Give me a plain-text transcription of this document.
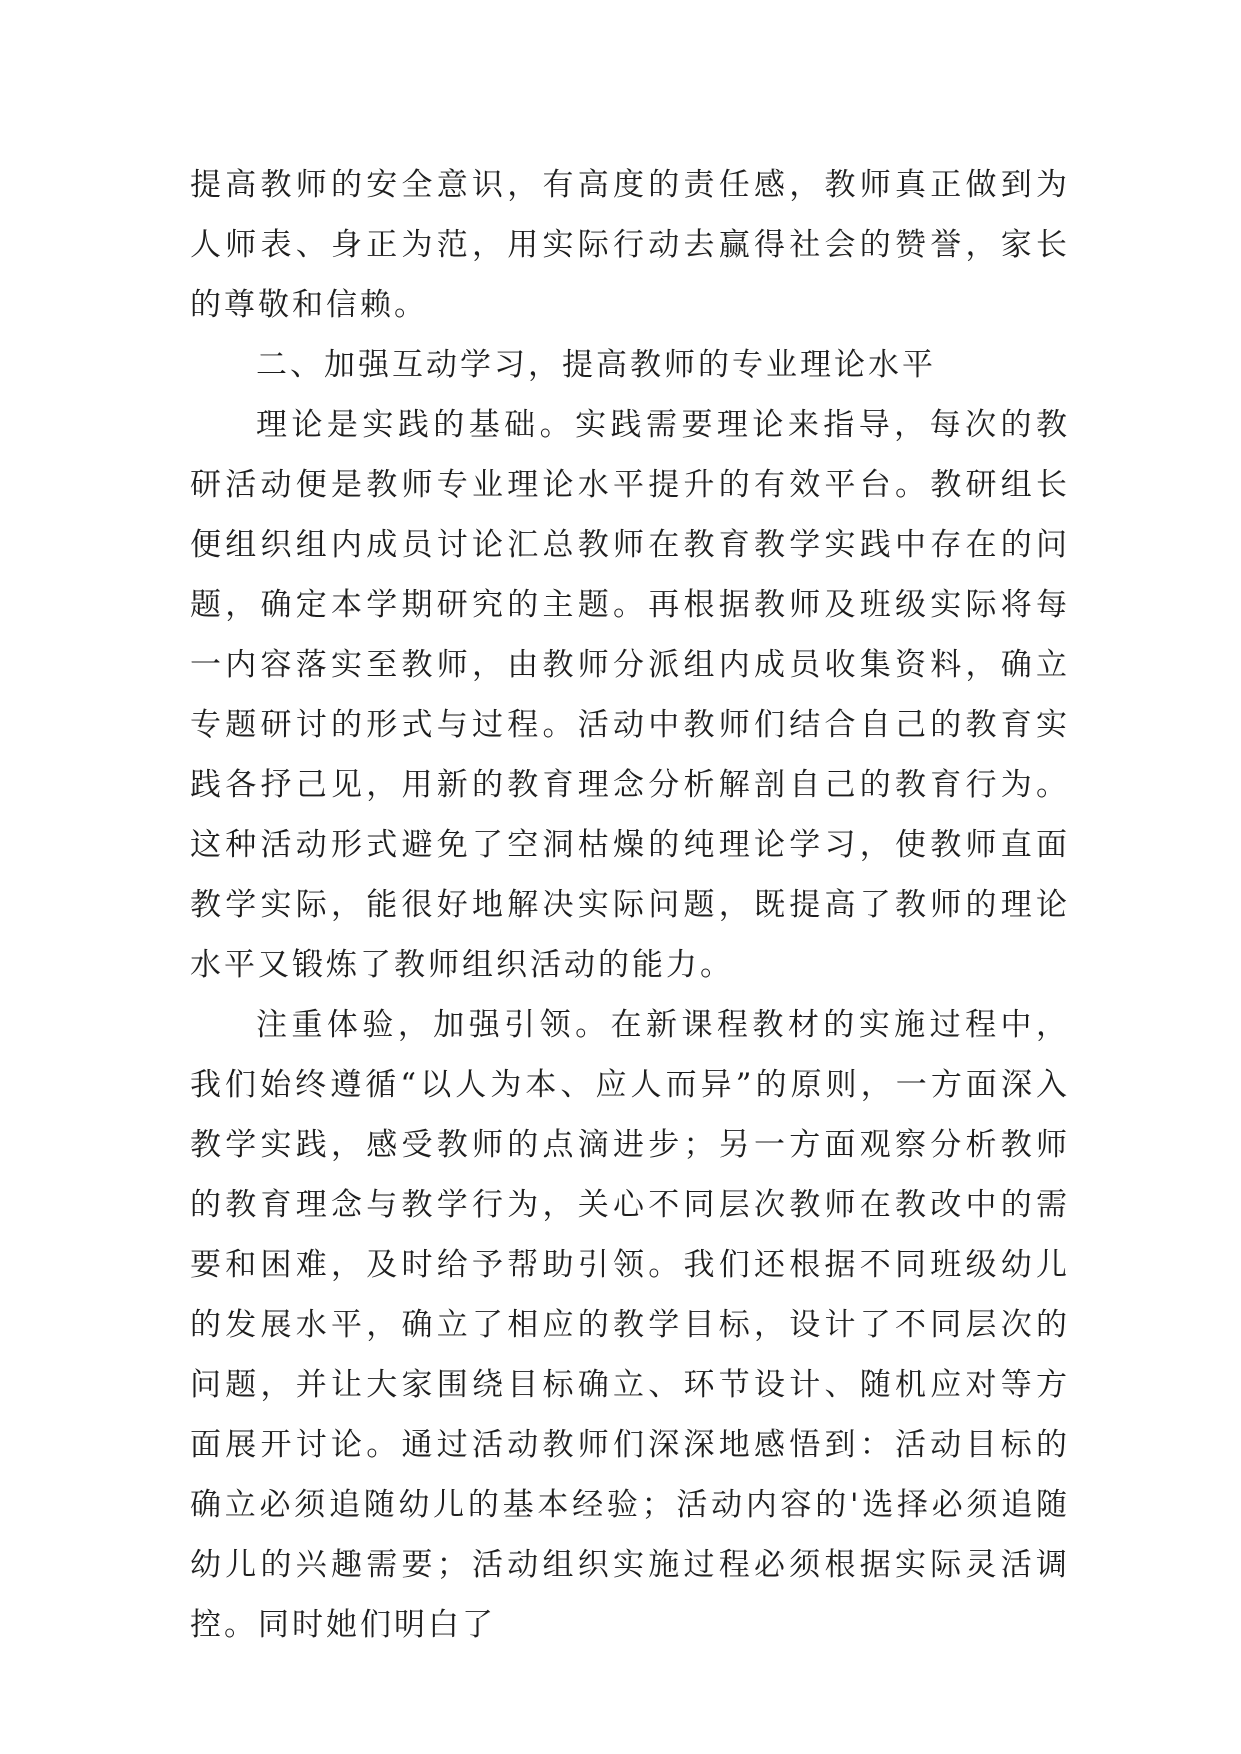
提高教师的安全意识，有高度的责任感，教师真正做到为人师表、身正为范，用实际行动去赢得社会的赞誉，家长的尊敬和信赖。

二、加强互动学习，提高教师的专业理论水平

理论是实践的基础。实践需要理论来指导，每次的教研活动便是教师专业理论水平提升的有效平台。教研组长便组织组内成员讨论汇总教师在教育教学实践中存在的问题，确定本学期研究的主题。再根据教师及班级实际将每一内容落实至教师，由教师分派组内成员收集资料，确立专题研讨的形式与过程。活动中教师们结合自己的教育实践各抒己见，用新的教育理念分析解剖自己的教育行为。这种活动形式避免了空洞枯燥的纯理论学习，使教师直面教学实际，能很好地解决实际问题，既提高了教师的理论水平又锻炼了教师组织活动的能力。

注重体验，加强引领。在新课程教材的实施过程中，我们始终遵循“以人为本、应人而异”的原则，一方面深入教学实践，感受教师的点滴进步；另一方面观察分析教师的教育理念与教学行为，关心不同层次教师在教改中的需要和困难，及时给予帮助引领。我们还根据不同班级幼儿的发展水平，确立了相应的教学目标，设计了不同层次的问题，并让大家围绕目标确立、环节设计、随机应对等方面展开讨论。通过活动教师们深深地感悟到：活动目标的确立必须追随幼儿的基本经验；活动内容的'选择必须追随幼儿的兴趣需要；活动组织实施过程必须根据实际灵活调控。同时她们明白了
